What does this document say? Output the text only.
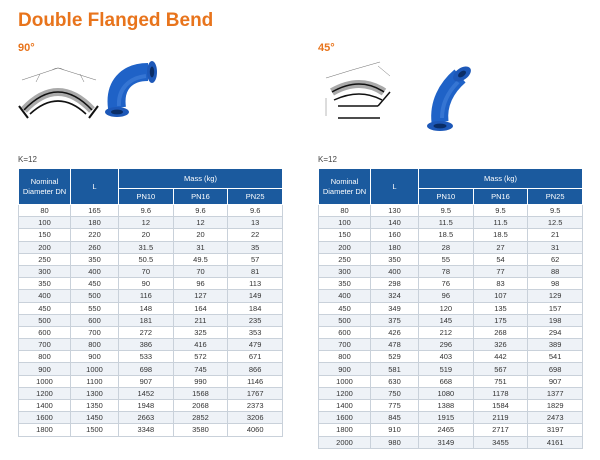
Double Flanged Bend
90°
K=12
Nominal Diameter DN	L	Mass (kg)		
		PN10	PN16	PN25
80	165	9.6	9.6	9.6
100	180	12	12	13
150	220	20	20	22
200	260	31.5	31	35
250	350	50.5	49.5	57
300	400	70	70	81
350	450	90	96	113
400	500	116	127	149
450	550	148	164	184
500	600	181	211	235
600	700	272	325	353
700	800	386	416	479
800	900	533	572	671
900	1000	698	745	866
1000	1100	907	990	1146
1200	1300	1452	1568	1767
1400	1350	1948	2068	2373
1600	1450	2663	2852	3206
1800	1500	3348	3580	4060
45°
K=12
Nominal Diameter DN	L	Mass (kg)		
		PN10	PN16	PN25
80	130	9.5	9.5	9.5
100	140	11.5	11.5	12.5
150	160	18.5	18.5	21
200	180	28	27	31
250	350	55	54	62
300	400	78	77	88
350	298	76	83	98
400	324	96	107	129
450	349	120	135	157
500	375	145	175	198
600	426	212	268	294
700	478	296	326	389
800	529	403	442	541
900	581	519	567	698
1000	630	668	751	907
1200	750	1080	1178	1377
1400	775	1388	1584	1829
1600	845	1915	2119	2473
1800	910	2465	2717	3197
2000	980	3149	3455	4161
